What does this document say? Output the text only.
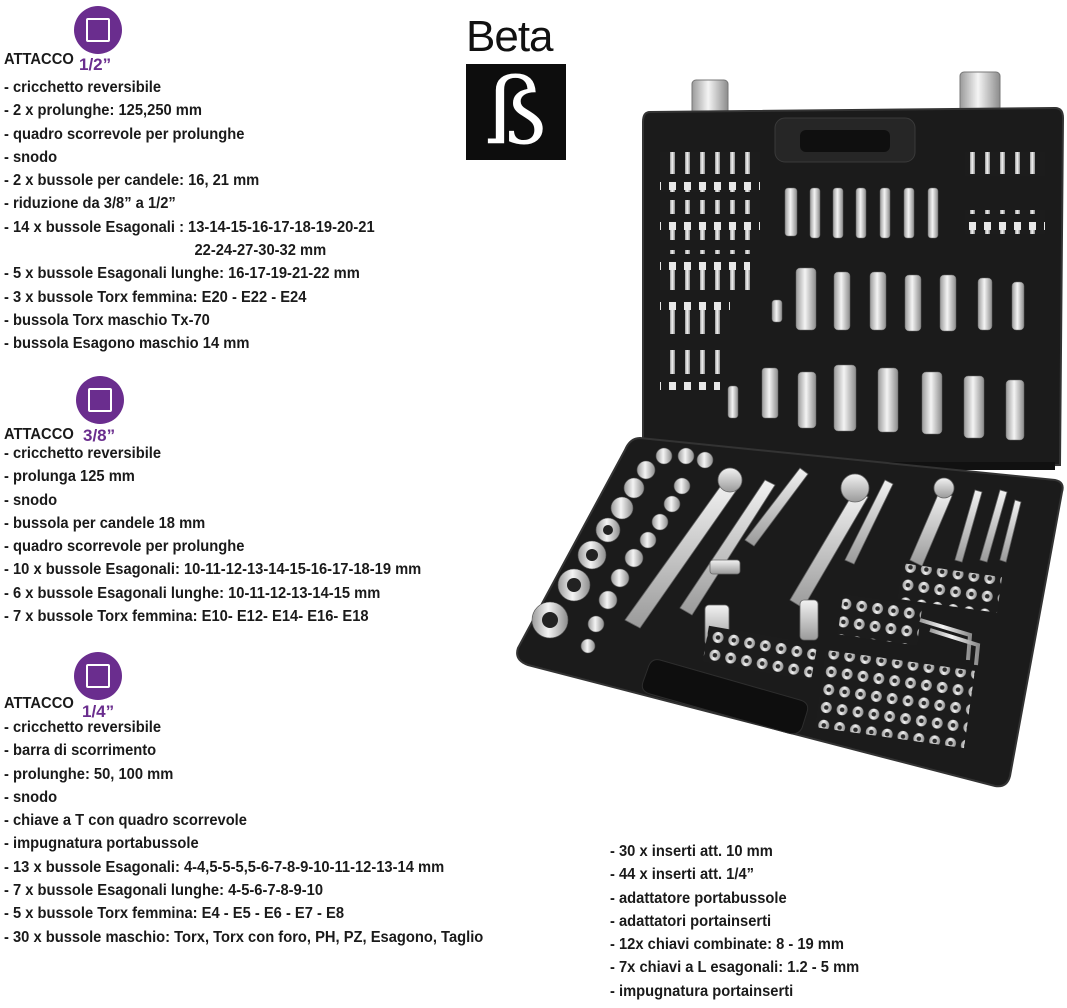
ATTACCO 1/2”
- cricchetto reversibile
- 2 x prolunghe: 125,250 mm
- quadro scorrevole per prolunghe
- snodo
- 2 x bussole per candele: 16, 21 mm
- riduzione da 3/8” a 1/2”
- 14 x bussole Esagonali : 13-14-15-16-17-18-19-20-21
22-24-27-30-32 mm
- 5 x bussole Esagonali lunghe: 16-17-19-21-22 mm
- 3 x bussole Torx femmina: E20 - E22 - E24
- bussola Torx maschio Tx-70
- bussola Esagono maschio 14 mm
ATTACCO 3/8”
- cricchetto reversibile
- prolunga 125 mm
- snodo
- bussola per candele 18 mm
- quadro scorrevole per prolunghe
- 10 x bussole Esagonali: 10-11-12-13-14-15-16-17-18-19 mm
- 6 x bussole Esagonali lunghe: 10-11-12-13-14-15 mm
- 7 x bussole Torx femmina: E10- E12- E14- E16- E18
ATTACCO 1/4”
- cricchetto reversibile
- barra di scorrimento
- prolunghe: 50, 100 mm
- snodo
- chiave a T con quadro scorrevole
- impugnatura portabussole
- 13 x bussole Esagonali: 4-4,5-5-5,5-6-7-8-9-10-11-12-13-14 mm
- 7 x bussole Esagonali lunghe: 4-5-6-7-8-9-10
- 5 x bussole Torx femmina: E4 - E5 - E6 - E7 - E8
- 30 x bussole maschio: Torx, Torx con foro, PH, PZ, Esagono, Taglio
- 30 x inserti att. 10 mm
- 44 x inserti att. 1/4”
- adattatore portabussole
- adattatori portainserti
- 12x chiavi combinate: 8 - 19 mm
- 7x chiavi a L esagonali: 1.2 - 5 mm
- impugnatura portainserti
Beta
ß
